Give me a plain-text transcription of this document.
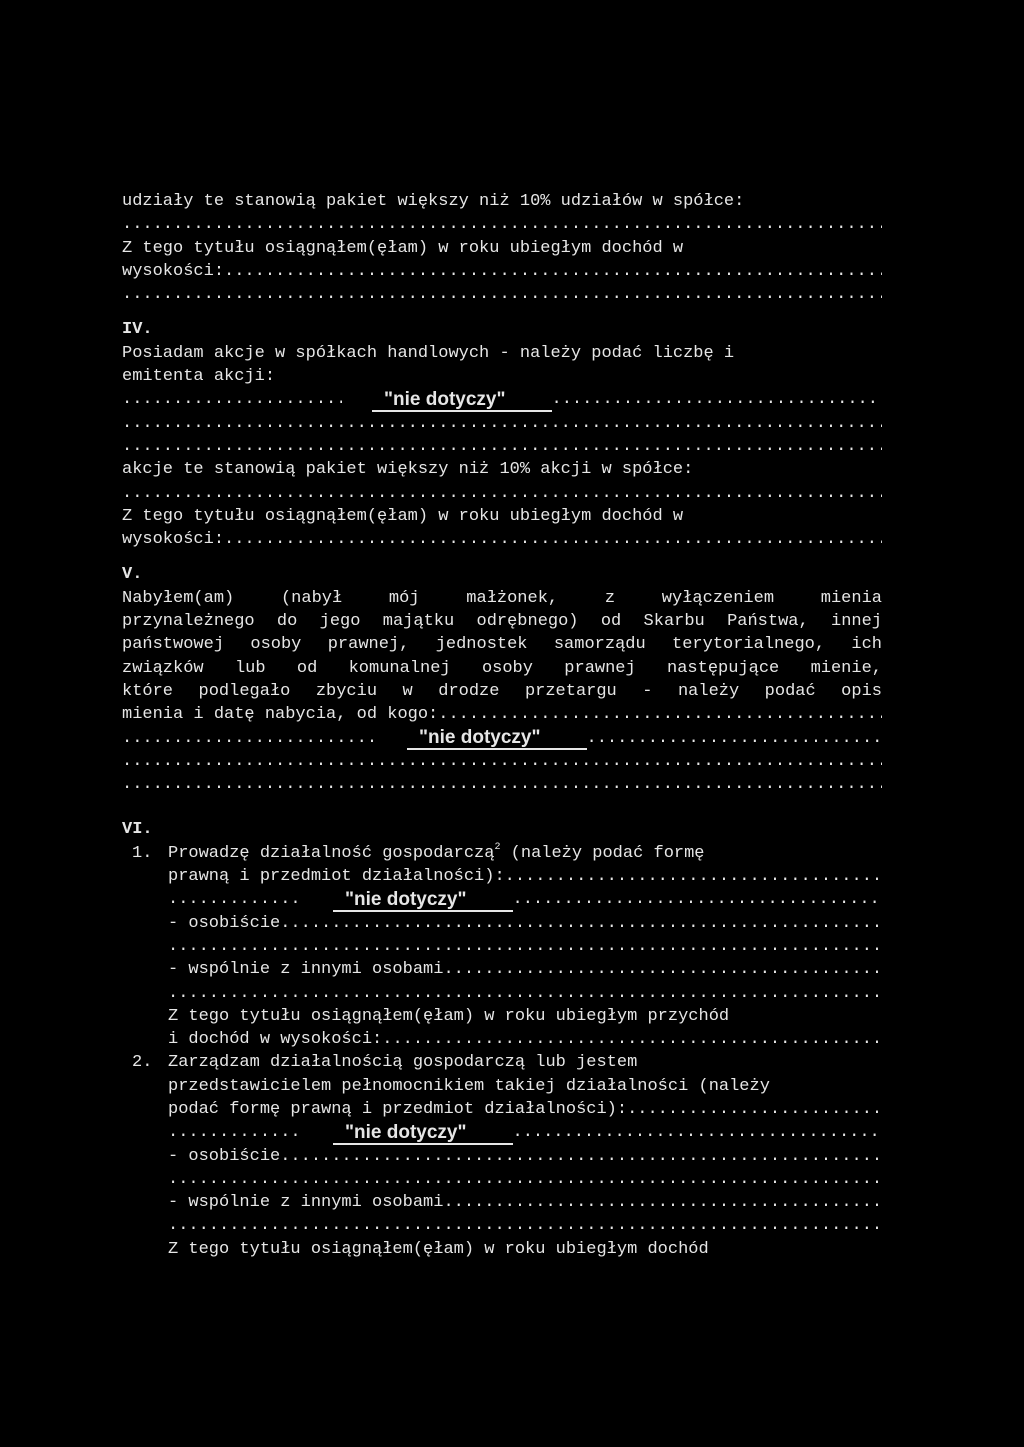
udziały te stanowią pakiet większy niż 10% udziałów w spółce:
.....
Z tego tytułu osiągnąłem(ęłam) w roku ubiegłym dochód w
wysokości:
.....
.....
IV.
Posiadam akcje w spółkach handlowych - należy podać liczbę i
emitenta akcji:
.....
"nie dotyczy"
.....
.....
.....
akcje te stanowią pakiet większy niż 10% akcji w spółce:
.....
Z tego tytułu osiągnąłem(ęłam) w roku ubiegłym dochód w
wysokości:
.....
V.
Nabyłem(am) (nabył mój małżonek, z wyłączeniem mienia
przynależnego do jego majątku odrębnego) od Skarbu Państwa, innej
państwowej osoby prawnej, jednostek samorządu terytorialnego, ich
związków lub od komunalnej osoby prawnej następujące mienie,
które podlegało zbyciu w drodze przetargu - należy podać opis
mienia i datę nabycia, od kogo:
.....
.....
"nie dotyczy"
.....
.....
.....
VI.
1. Prowadzę działalność gospodarczą$^2$ (należy podać formę
prawną i przedmiot działalności):
.....
.....
"nie dotyczy"
.....
- osobiście
.....
.....
- wspólnie z innymi osobami
.....
.....
Z tego tytułu osiągnąłem(ęłam) w roku ubiegłym przychód
i dochód w wysokości:
.....
2. Zarządzam działalnością gospodarczą lub jestem
przedstawicielem pełnomocnikiem takiej działalności (należy
podać formę prawną i przedmiot działalności):
.....
.....
"nie dotyczy"
.....
- osobiście
.....
.....
- wspólnie z innymi osobami
.....
.....
Z tego tytułu osiągnąłem(ęłam) w roku ubiegłym dochód
